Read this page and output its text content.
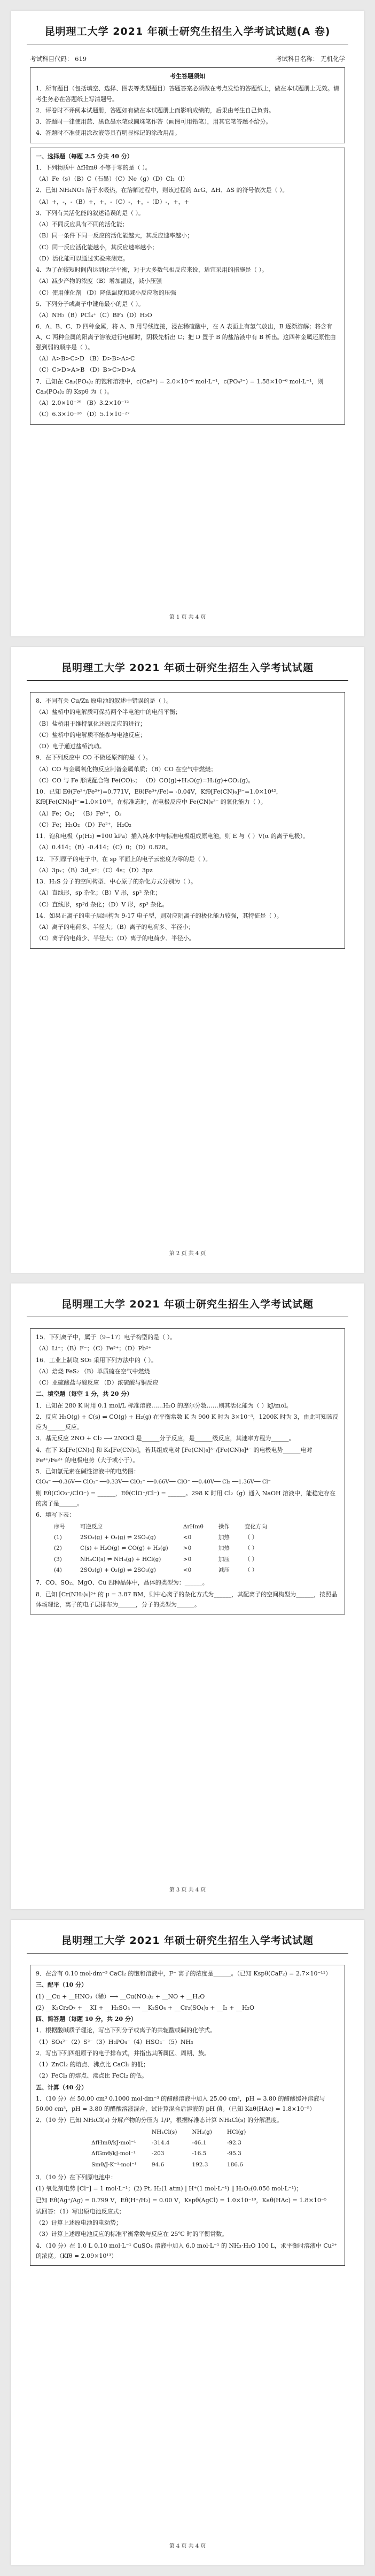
昆明理工大学 2021 年硕士研究生招生入学考试试题(A 卷)
考试科目代码： 619	考试科目名称： 无机化学
考生答题须知

1．所有题目（包括填空、选择、图表等类型题目）答题答案必须做在考点发给的答题纸上，做在本试题册上无效。请考生务必在答题纸上写清题号。

2．评卷时不评阅本试题册，答题如有做在本试题册上而影响成绩的，后果由考生自己负责。

3．答题时一律使用蓝、黑色墨水笔或圆珠笔作答（画图可用铅笔），用其它笔答题不给分。

4．答题时不准使用涂改液等具有明显标记的涂改用品。

一、选择题（每题 2.5 分共 40 分）

1．下列物质中 ΔfHmθ 不等于零的是（ ）。

（A）Fe（s）（B）C（石墨）（C）Ne（g）（D）Cl₂（l）

2．已知 NH₄NO₃ 溶于水吸热，在溶解过程中，则该过程的 ΔrG、ΔH、ΔS 的符号依次是（ ）。

（A）+，-，-（B）+，+，-（C）-，+，-（D）-，+，+

3．下列有关活化能的叙述错误的是（ ）。

（A）不同反应具有不同的活化能；

（B）同一条件下同一反应的活化能越大，其反应速率越小；

（C）同一反应活化能越小，其反应速率越小；

（D）活化能可以通过实验来测定。

4．为了在较短时间内达到化学平衡，对于大多数气相反应来说，适宜采用的措施是（ ）。

（A）减少产物的浓度（B）增加温度，减小压强

（C）使用催化剂 （D）降低温度和减小反应物的压强

5．下列分子或离子中键角最小的是（ ）。

（A）NH₃（B）PCl₄⁺（C）BF₃（D）H₂O

6．A、B、C、D 四种金属，将 A、B 用导线连接，浸在稀硫酸中，在 A 表面上有氢气放出，B 逐渐溶解；将含有 A、C 两种金属的阳离子溶液进行电解时，阴极先析出 C；把 D 置于 B 的盐溶液中有 B 析出。这四种金属还原性由强到弱的顺序是（ ）。

（A）A>B>C>D （B）D>B>A>C

（C）C>D>A>B （D）B>C>D>A

7．已知在 Ca₃(PO₄)₂ 的饱和溶液中，c(Ca²⁺) = 2.0×10⁻⁶ mol·L⁻¹，c(PO₄³⁻) = 1.58×10⁻⁶ mol·L⁻¹，则 Ca₃(PO₄)₂ 的 Kspθ 为（ ）。

（A）2.0×10⁻²⁹ （B）3.2×10⁻¹²

（C）6.3×10⁻¹⁸ （D）5.1×10⁻²⁷

第 1 页 共 4 页
昆明理工大学 2021 年硕士研究生招生入学考试试题

8．不同有关 Cu/Zn 原电池的叙述中错误的是（ ）。

（A）盐桥中的电解质可保持两个半电池中的电荷平衡；

（B）盐桥用于维持氧化还原反应的进行；

（C）盐桥中的电解质不能参与电池反应；

（D）电子通过盐桥流动。

9．在下列反应中 CO 不做还原剂的是（ ）。

（A）CO 与金属氧化物反应制备金属单质；（B）CO 在空气中燃烧；

（C）CO 与 Fe 形成配合物 Fe(CO)₅； （D）CO(g)+H₂O(g)=H₂(g)+CO₂(g)。

10．已知 Eθ(Fe³⁺/Fe²⁺)=0.771V，Eθ(Fe³⁺/Fe)= -0.04V，Kfθ[Fe(CN)₆]³⁻=1.0×10⁴²，Kfθ[Fe(CN)₆]⁴⁻=1.0×10³⁵，在标准态时，在电极反应中 Fe(CN)₆³⁻ 的氧化能力（ ）。

（A）Fe；O₂； （B）Fe²⁺，O₂

（C）Fe；H₂O₂ （D）Fe²⁺，H₂O₂

11．饱和电极（p(H₂) =100 kPa）插入纯水中与标准电极组成原电池，则 E 与（ ）V(α 的离子电极）。

（A）0.414；（B）-0.414；（C）0；（D）0.828。

12．下列原子的电子中，在 sp 平面上的电子云密度为零的是（ ）。

（A）3pₓ；（B）3d_z²；（C）4s；（D）3pz

13．H₂S 分子的空间构型、中心原子的杂化方式分别为（ ）。

（A）直线形，sp 杂化；（B）V 形，sp² 杂化；

（C）直线形，sp³d 杂化；（D）V 形，sp³ 杂化。

14．如果正离子的电子层结构为 9-17 电子型，则对应阴离子的极化能力较强，其特征是（ ）。

（A）离子的电荷多、半径大；（B）离子的电荷多、半径小；

（C）离子的电荷少、半径大；（D）离子的电荷少、半径小。

第 2 页 共 4 页
昆明理工大学 2021 年硕士研究生招生入学考试试题

15．下列离子中，属于（9~17）电子构型的是（ ）。

（A）Li⁺；（B）F⁻；（C）Fe³⁺；（D）Pb²⁺

16．工业上制取 SO₂ 采用下列方法中的（ ）。

（A）焙烧 FeS₂ （B）单质硫在空气中燃烧

（C）亚硫酸盐与酸反应 （D）浓硫酸与铜反应

二、填空题（每空 1 分，共 20 分）

1．已知在 280 K 时用 0.1 mol/L 标准溶液……H₂O 的摩尔分数……则其活化能为（ ）kJ/mol。

2．反应 H₂O(g) + C(s) ⇌ CO(g) + H₂(g) 在平衡常数 K 为 900 K 时为 3×10⁻³，1200K 时为 3，由此可知该反应为______反应。

3．基元反应 2NO + Cl₂ ⟶ 2NOCl 是______分子反应，是______级反应，其速率方程为______。

4．在下 K₃[Fe(CN)₆] 和 K₄[Fe(CN)₆]，若其组成电对 [Fe(CN)₆]³⁻/[Fe(CN)₆]⁴⁻ 的电极电势______电对 Fe³⁺/Fe²⁺ 的电极电势（大于或小于）。

5．已知氯元素在碱性溶液中的电势图：

ClO₄⁻ ──0.36V── ClO₃⁻ ──0.33V── ClO₂⁻ ──0.66V── ClO⁻ ──0.40V── Cl₂ ──1.36V── Cl⁻

则 Eθ(ClO₃⁻/ClO⁻) = ______，Eθ(ClO⁻/Cl⁻) = ______。298 K 时用 Cl₂（g）通入 NaOH 溶液中，能稳定存在的离子是______。

6．填写下表：

序号	可逆反应	ΔrHmθ	操作	变化方向
(1)	2SO₂(g) + O₂(g) ⇌ 2SO₃(g)	<0	加热	（ ）
(2)	C(s) + H₂O(g) ⇌ CO(g) + H₂(g)	>0	加热	（ ）
(3)	NH₄Cl(s) ⇌ NH₃(g) + HCl(g)	>0	加压	（ ）
(4)	2SO₂(g) + O₂(g) ⇌ 2SO₃(g)	<0	减压	（ ）

7．CO、SO₂、MgO、Cu 四种晶体中，晶体的类型为：______。

8．已知 [Cr(NH₃)₆]³⁺ 的 μ = 3.87 BM，则中心离子的杂化方式为______，其配离子的空间构型为______，按照晶体场理论，离子的电子层排布为______，分子的类型为______。

第 3 页 共 4 页
昆明理工大学 2021 年硕士研究生招生入学考试试题

9．在含有 0.10 mol·dm⁻³ CaCl₂ 的饱和溶液中，F⁻ 离子的浓度是______。（已知 Kspθ(CaF₂) = 2.7×10⁻¹¹）

三、配平（10 分）

(1) __Cu + __HNO₃（稀）⟶ __Cu(NO₃)₂ + __NO + __H₂O

(2) __K₂Cr₂O₇ + __KI + __H₂SO₄ ⟶ __K₂SO₄ + __Cr₂(SO₄)₃ + __I₂ + __H₂O

四、简答题（每题 10 分，共 20 分）

1．根据酸碱质子理论，写出下列分子或离子的共轭酸或碱的化学式。

（1）SO₄²⁻（2）S²⁻（3）H₂PO₄⁻（4）HSO₄⁻（5）NH₃

2．写出下列四组原子的电子排布式，并指出其所属区、周期、族。

（1）ZnCl₂ 的熔点、沸点比 CaCl₂ 的低；

（2）FeCl₃ 的熔点、沸点比 FeCl₂ 的低。

五、计算（40 分）

1．（10 分）在 50.00 cm³ 0.1000 mol·dm⁻³ 的醋酸溶液中加入 25.00 cm³，pH = 3.80 的醋酸缓冲溶液与 50.00 cm³，pH = 3.80 的醋酸溶液混合，试计算混合后溶液的 pH 值。（已知 Kaθ(HAc) = 1.8×10⁻⁵）

2．（10 分）已知 NH₄Cl(s) 分解产物的分压为 1/P，根据标准态计算 NH₄Cl(s) 的分解温度。

	NH₄Cl(s)	NH₃(g)	HCl(g)
ΔfHmθ/kJ·mol⁻¹	-314.4	-46.1	-92.3
ΔfGmθ/kJ·mol⁻¹	-203	-16.5	-95.3
Smθ/J·K⁻¹·mol⁻¹	94.6	192.3	186.6

3．（10 分）在下列原电池中：

(1) 氧化剂电势 [Cl⁻] = 1 mol·L⁻¹；(2) Pt, H₂(1 atm) | H⁺(1 mol·L⁻¹) ‖ H₂O₂(0.056 mol·L⁻¹)；

已知 Eθ(Ag⁺/Ag) = 0.799 V，Eθ(H⁺/H₂) = 0.00 V，Kspθ(AgCl) = 1.0×10⁻¹⁰，Kaθ(HAc) = 1.8×10⁻⁵

试回答：（1）写出原电池反应式；

（2）计算上述原电池的电动势；

（3）计算上述原电池反应的标准平衡常数与反应在 25℃ 时的平衡常数。

4．（10 分）在 1.0 L 0.10 mol·L⁻¹ CuSO₄ 溶液中加入 6.0 mol·L⁻¹ 的 NH₃·H₂O 100 L，求平衡时溶液中 Cu²⁺ 的浓度。（Kfθ = 2.09×10¹³）

第 4 页 共 4 页
